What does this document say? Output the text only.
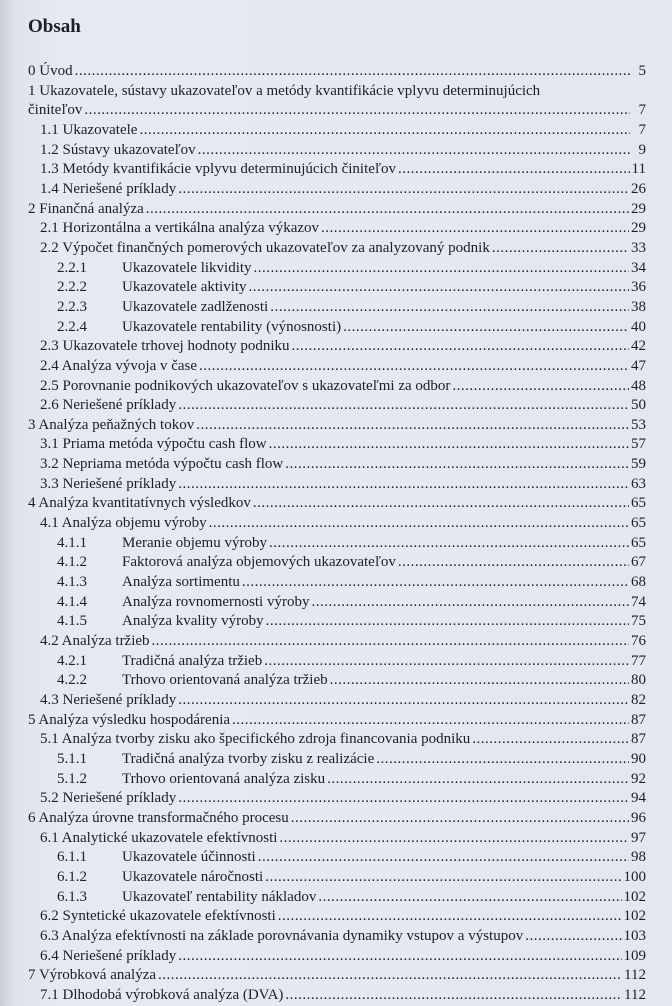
Obsah
0 Úvod .....	5
1 Ukazovatele, sústavy ukazovateľov a metódy kvantifikácie vplyvu determinujúcich
činiteľov .....	7
1.1 Ukazovatele .....	7
1.2 Sústavy ukazovateľov .....	9
1.3 Metódy kvantifikácie vplyvu determinujúcich činiteľov .....	11
1.4 Neriešené príklady .....	26
2 Finančná analýza .....	29
2.1 Horizontálna a vertikálna analýza výkazov .....	29
2.2 Výpočet finančných pomerových ukazovateľov za analyzovaný podnik .....	33
2.2.1 Ukazovatele likvidity .....	34
2.2.2 Ukazovatele aktivity .....	36
2.2.3 Ukazovatele zadlženosti .....	38
2.2.4 Ukazovatele rentability (výnosnosti) .....	40
2.3 Ukazovatele trhovej hodnoty podniku .....	42
2.4 Analýza vývoja v čase .....	47
2.5 Porovnanie podnikových ukazovateľov s ukazovateľmi za odbor .....	48
2.6 Neriešené príklady .....	50
3 Analýza peňažných tokov .....	53
3.1 Priama metóda výpočtu cash flow .....	57
3.2 Nepriama metóda výpočtu cash flow .....	59
3.3 Neriešené príklady .....	63
4 Analýza kvantitatívnych výsledkov .....	65
4.1 Analýza objemu výroby .....	65
4.1.1 Meranie objemu výroby .....	65
4.1.2 Faktorová analýza objemových ukazovateľov .....	67
4.1.3 Analýza sortimentu .....	68
4.1.4 Analýza rovnomernosti výroby .....	74
4.1.5 Analýza kvality výroby .....	75
4.2 Analýza tržieb .....	76
4.2.1 Tradičná analýza tržieb .....	77
4.2.2 Trhovo orientovaná analýza tržieb .....	80
4.3 Neriešené príklady .....	82
5 Analýza výsledku hospodárenia .....	87
5.1 Analýza tvorby zisku ako špecifického zdroja financovania podniku .....	87
5.1.1 Tradičná analýza tvorby zisku z realizácie .....	90
5.1.2 Trhovo orientovaná analýza zisku .....	92
5.2 Neriešené príklady .....	94
6 Analýza úrovne transformačného procesu .....	96
6.1 Analytické ukazovatele efektívnosti .....	97
6.1.1 Ukazovatele účinnosti .....	98
6.1.2 Ukazovatele náročnosti .....	100
6.1.3 Ukazovateľ rentability nákladov .....	102
6.2 Syntetické ukazovatele efektívnosti .....	102
6.3 Analýza efektívnosti na základe porovnávania dynamiky vstupov a výstupov .....	103
6.4 Neriešené príklady .....	109
7 Výrobková analýza .....	112
7.1 Dlhodobá výrobková analýza (DVA) .....	112
